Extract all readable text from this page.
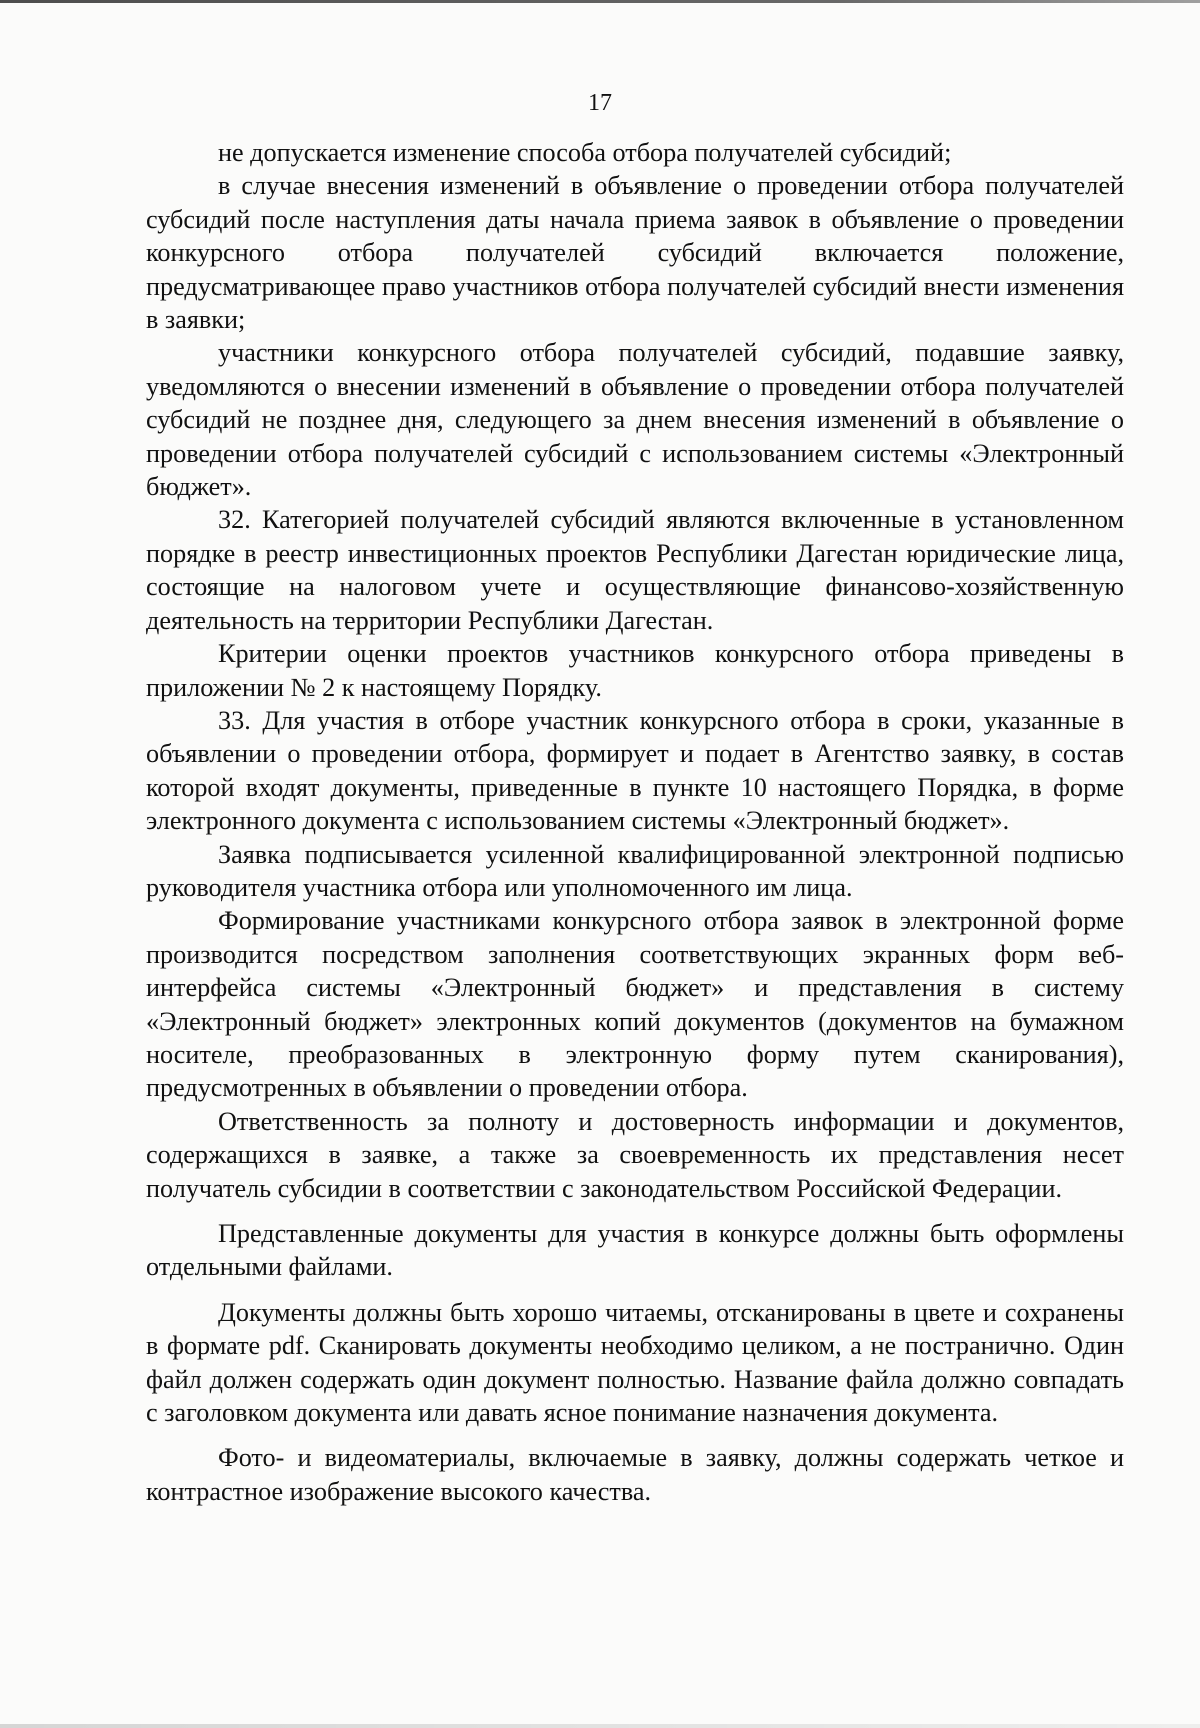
17

не допускается изменение способа отбора получателей субсидий;

в случае внесения изменений в объявление о проведении отбора получателей субсидий после наступления даты начала приема заявок в объявление о проведении конкурсного отбора получателей субсидий включается положение, предусматривающее право участников отбора получателей субсидий внести изменения в заявки;

участники конкурсного отбора получателей субсидий, подавшие заявку, уведомляются о внесении изменений в объявление о проведении отбора получателей субсидий не позднее дня, следующего за днем внесения изменений в объявление о проведении отбора получателей субсидий с использованием системы «Электронный бюджет».

32. Категорией получателей субсидий являются включенные в установленном порядке в реестр инвестиционных проектов Республики Дагестан юридические лица, состоящие на налоговом учете и осуществляющие финансово-хозяйственную деятельность на территории Республики Дагестан.

Критерии оценки проектов участников конкурсного отбора приведены в приложении № 2 к настоящему Порядку.

33. Для участия в отборе участник конкурсного отбора в сроки, указанные в объявлении о проведении отбора, формирует и подает в Агентство заявку, в состав которой входят документы, приведенные в пункте 10 настоящего Порядка, в форме электронного документа с использованием системы «Электронный бюджет».

Заявка подписывается усиленной квалифицированной электронной подписью руководителя участника отбора или уполномоченного им лица.

Формирование участниками конкурсного отбора заявок в электронной форме производится посредством заполнения соответствующих экранных форм веб-интерфейса системы «Электронный бюджет» и представления в систему «Электронный бюджет» электронных копий документов (документов на бумажном носителе, преобразованных в электронную форму путем сканирования), предусмотренных в объявлении о проведении отбора.

Ответственность за полноту и достоверность информации и документов, содержащихся в заявке, а также за своевременность их представления несет получатель субсидии в соответствии с законодательством Российской Федерации.

Представленные документы для участия в конкурсе должны быть оформлены отдельными файлами.

Документы должны быть хорошо читаемы, отсканированы в цвете и сохранены в формате pdf. Сканировать документы необходимо целиком, а не постранично. Один файл должен содержать один документ полностью. Название файла должно совпадать с заголовком документа или давать ясное понимание назначения документа.

Фото- и видеоматериалы, включаемые в заявку, должны содержать четкое и контрастное изображение высокого качества.
